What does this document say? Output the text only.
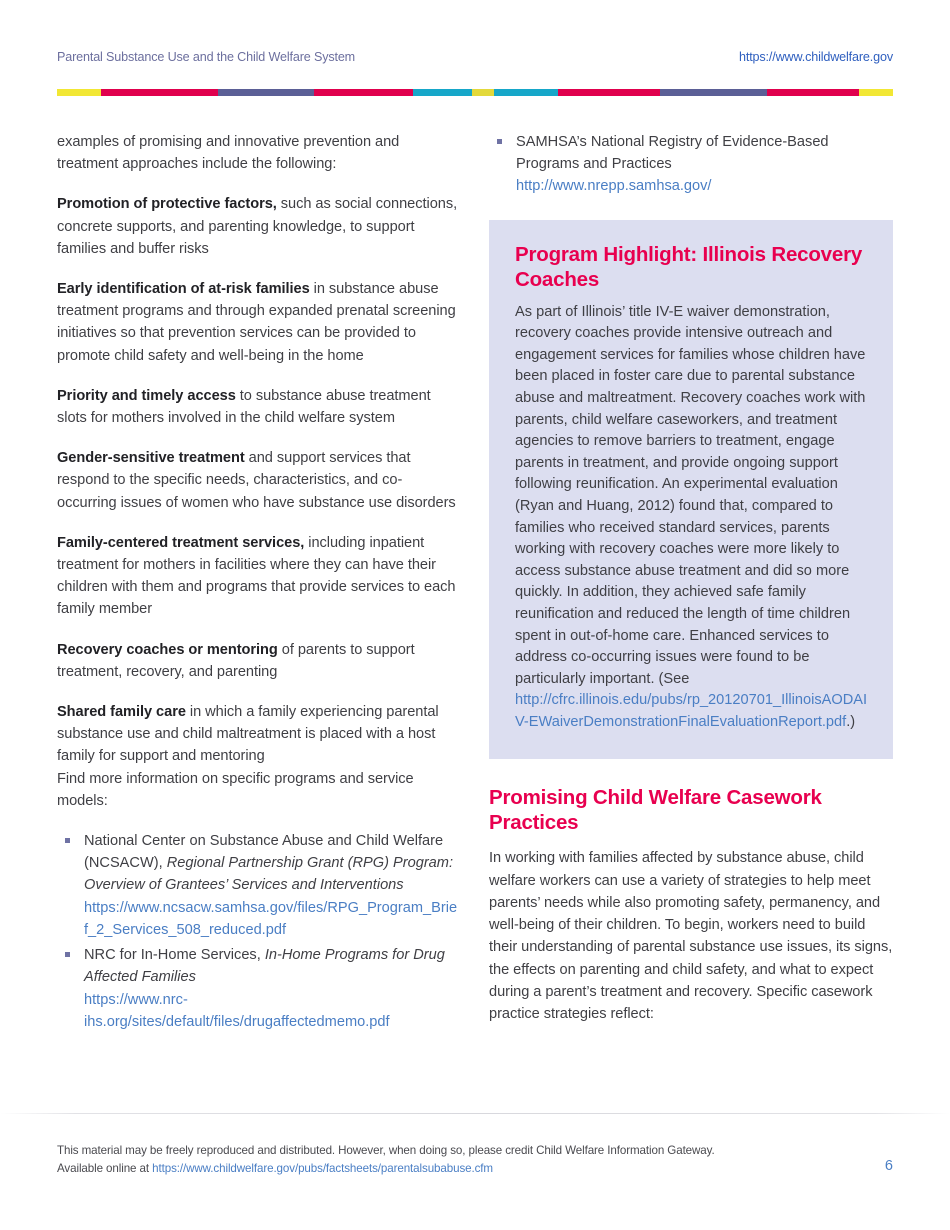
Parental Substance Use and the Child Welfare System	https://www.childwelfare.gov

examples of promising and innovative prevention and treatment approaches include the following:

Promotion of protective factors, such as social connections, concrete supports, and parenting knowledge, to support families and buffer risks

Early identification of at-risk families in substance abuse treatment programs and through expanded prenatal screening initiatives so that prevention services can be provided to promote child safety and well-being in the home

Priority and timely access to substance abuse treatment slots for mothers involved in the child welfare system

Gender-sensitive treatment and support services that respond to the specific needs, characteristics, and co-occurring issues of women who have substance use disorders

Family-centered treatment services, including inpatient treatment for mothers in facilities where they can have their children with them and programs that provide services to each family member

Recovery coaches or mentoring of parents to support treatment, recovery, and parenting

Shared family care in which a family experiencing parental substance use and child maltreatment is placed with a host family for support and mentoring

Find more information on specific programs and service models:

National Center on Substance Abuse and Child Welfare (NCSACW), Regional Partnership Grant (RPG) Program: Overview of Grantees’ Services and Interventions
https://www.ncsacw.samhsa.gov/files/RPG_Program_Brief_2_Services_508_reduced.pdf
NRC for In-Home Services, In-Home Programs for Drug Affected Families
https://www.nrc-ihs.org/sites/default/files/drugaffectedmemo.pdf
SAMHSA’s National Registry of Evidence-Based Programs and Practices
http://www.nrepp.samhsa.gov/
Program Highlight: Illinois Recovery Coaches

As part of Illinois’ title IV-E waiver demonstration, recovery coaches provide intensive outreach and engagement services for families whose children have been placed in foster care due to parental substance abuse and maltreatment. Recovery coaches work with parents, child welfare caseworkers, and treatment agencies to remove barriers to treatment, engage parents in treatment, and provide ongoing support following reunification. An experimental evaluation (Ryan and Huang, 2012) found that, compared to families who received standard services, parents working with recovery coaches were more likely to access substance abuse treatment and did so more quickly. In addition, they achieved safe family reunification and reduced the length of time children spent in out-of-home care. Enhanced services to address co-occurring issues were found to be particularly important. (See http://cfrc.illinois.edu/pubs/rp_20120701_IllinoisAODAIV-EWaiverDemonstrationFinalEvaluationReport.pdf.)

Promising Child Welfare Casework Practices

In working with families affected by substance abuse, child welfare workers can use a variety of strategies to help meet parents’ needs while also promoting safety, permanency, and well-being of their children. To begin, workers need to build their understanding of parental substance use issues, its signs, the effects on parenting and child safety, and what to expect during a parent’s treatment and recovery. Specific casework practice strategies reflect:

This material may be freely reproduced and distributed. However, when doing so, please credit Child Welfare Information Gateway.
Available online at https://www.childwelfare.gov/pubs/factsheets/parentalsubabuse.cfm	6
